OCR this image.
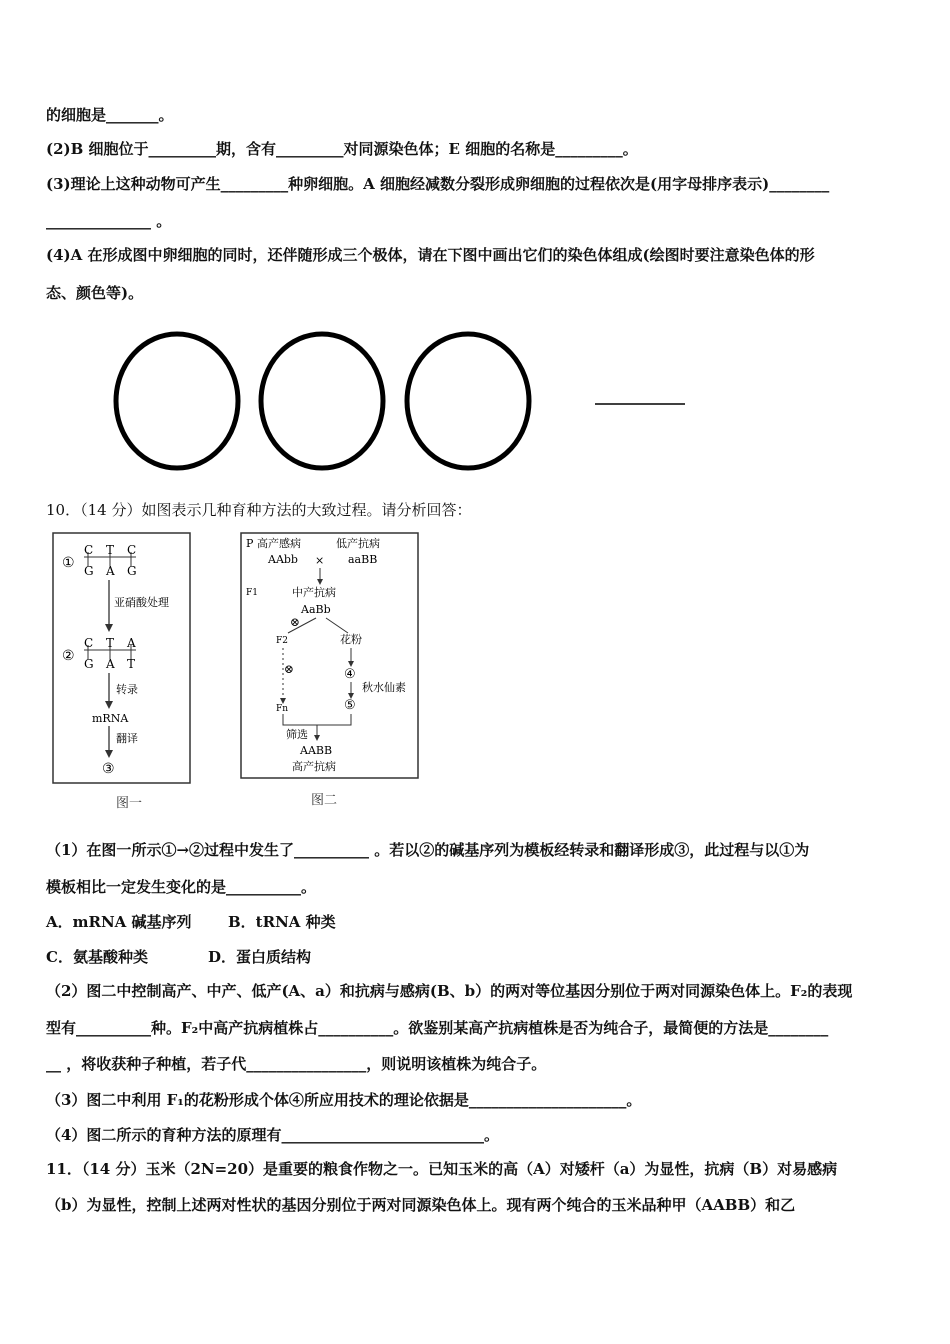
的细胞是_______。
(2)B 细胞位于_________期，含有_________对同源染色体；E 细胞的名称是_________。
(3)理论上这种动物可产生_________种卵细胞。A 细胞经减数分裂形成卵细胞的过程依次是(用字母排序表示)________
______________ 。
(4)A 在形成图中卵细胞的同时，还伴随形成三个极体，请在下图中画出它们的染色体组成(绘图时要注意染色体的形
态、颜色等)。
10．（14 分）如图表示几种育种方法的大致过程。请分析回答：
①
C T C
G A G
亚硝酸处理
②
C T A
G A T
转录
mRNA
翻译
③
图一
P 高产感病	低产抗病
AAbb × aaBB
F1	中产抗病
AaBb
⊗
F2	花粉
⊗	④
秋水仙素
Fn	⑤
筛选
AABB
高产抗病
图二
（1）在图一所示①→②过程中发生了__________ 。若以②的碱基序列为模板经转录和翻译形成③，此过程与以①为
模板相比一定发生变化的是__________。
A．mRNA 碱基序列 B．tRNA 种类
C．氨基酸种类	D．蛋白质结构
（2）图二中控制高产、中产、低产(A、a）和抗病与感病(B、b）的两对等位基因分别位于两对同源染色体上。F₂的表现
型有__________种。F₂中高产抗病植株占__________。欲鉴别某高产抗病植株是否为纯合子，最简便的方法是________
__ ，将收获种子种植，若子代________________，则说明该植株为纯合子。
（3）图二中利用 F₁的花粉形成个体④所应用技术的理论依据是_____________________。
（4）图二所示的育种方法的原理有___________________________。
11．（14 分）玉米（2N=20）是重要的粮食作物之一。已知玉米的高（A）对矮杆（a）为显性，抗病（B）对易感病
（b）为显性，控制上述两对性状的基因分别位于两对同源染色体上。现有两个纯合的玉米品种甲（AABB）和乙
